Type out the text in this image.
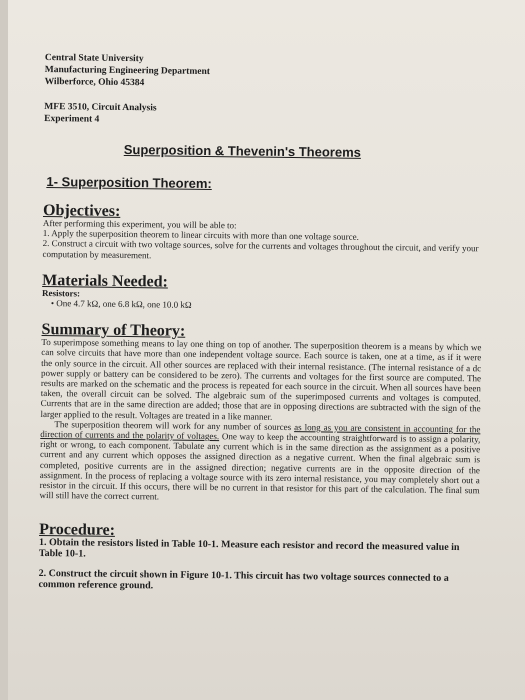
Central State University
Manufacturing Engineering Department
Wilberforce, Ohio 45384
MFE 3510, Circuit Analysis
Experiment 4
Superposition & Thevenin's Theorems
1- Superposition Theorem:
Objectives:
After performing this experiment, you will be able to:
1. Apply the superposition theorem to linear circuits with more than one voltage source.
2. Construct a circuit with two voltage sources, solve for the currents and voltages throughout the circuit, and verify your computation by measurement.
Materials Needed:
Resistors:
• One 4.7 kΩ, one 6.8 kΩ, one 10.0 kΩ
Summary of Theory:
To superimpose something means to lay one thing on top of another. The superposition theorem is a means by which we can solve circuits that have more than one independent voltage source. Each source is taken, one at a time, as if it were the only source in the circuit. All other sources are replaced with their internal resistance. (The internal resistance of a dc power supply or battery can be considered to be zero). The currents and voltages for the first source are computed. The results are marked on the schematic and the process is repeated for each source in the circuit. When all sources have been taken, the overall circuit can be solved. The algebraic sum of the superimposed currents and voltages is computed. Currents that are in the same direction are added; those that are in opposing directions are subtracted with the sign of the larger applied to the result. Voltages are treated in a like manner.
The superposition theorem will work for any number of sources as long as you are consistent in accounting for the direction of currents and the polarity of voltages. One way to keep the accounting straightforward is to assign a polarity, right or wrong, to each component. Tabulate any current which is in the same direction as the assignment as a positive current and any current which opposes the assigned direction as a negative current. When the final algebraic sum is completed, positive currents are in the assigned direction; negative currents are in the opposite direction of the assignment. In the process of replacing a voltage source with its zero internal resistance, you may completely short out a resistor in the circuit. If this occurs, there will be no current in that resistor for this part of the calculation. The final sum will still have the correct current.
Procedure:
1. Obtain the resistors listed in Table 10-1. Measure each resistor and record the measured value in Table 10-1.
2. Construct the circuit shown in Figure 10-1. This circuit has two voltage sources connected to a common reference ground.
